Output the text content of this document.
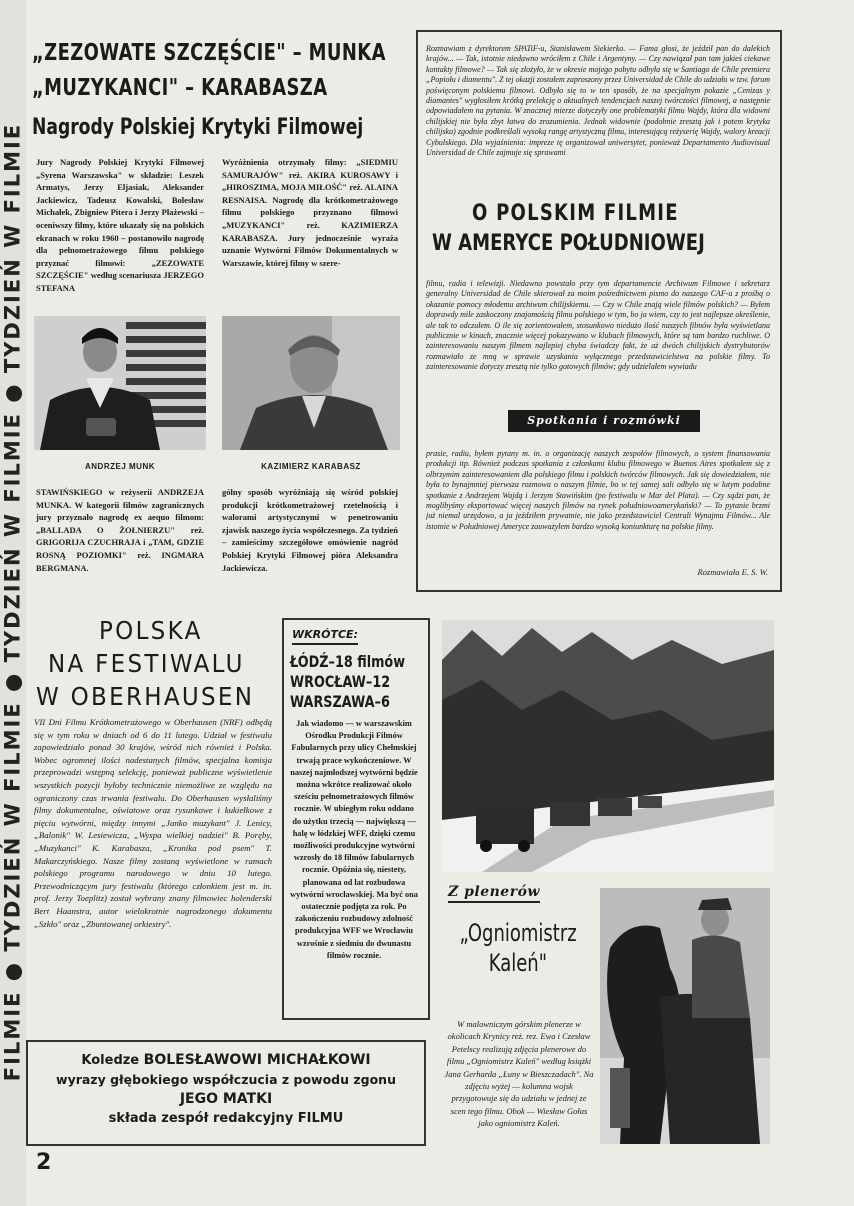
FILMIE ● TYDZIEŃ W FILMIE ● TYDZIEŃ W FILMIE ● TYDZIEŃ W FILMIE
„ZEZOWATE SZCZĘŚCIE" – MUNKA
„MUZYKANCI" – KARABASZA
Nagrody Polskiej Krytyki Filmowej
Jury Nagrody Polskiej Krytyki Filmowej „Syrena Warszawska" w składzie: Leszek Armatys, Jerzy Eljasiak, Aleksander Jackiewicz, Tadeusz Kowalski, Bolesław Michałek, Zbigniew Pitera i Jerzy Płażewski – oceniwszy filmy, które ukazały się na polskich ekranach w roku 1960 – postanowiło nagrodę dla pełnometrażowego filmu polskiego przyznać filmowi: „ZEZOWATE SZCZĘŚCIE" według scenariusza JERZEGO STEFANA
Wyróżnienia otrzymały filmy: „SIEDMIU SAMURAJÓW" reż. AKIRA KUROSAWY i „HIROSZIMA, MOJA MIŁOŚĆ" reż. ALAINA RESNAISA. Nagrodę dla krótkometrażowego filmu polskiego przyznano filmowi „MUZYKANCI" reż. KAZIMIERZA KARABASZA. Jury jednocześnie wyraża uznanie Wytwórni Filmów Dokumentalnych w Warszawie, której filmy w szere-
ANDRZEJ MUNK	KAZIMIERZ KARABASZ
STAWIŃSKIEGO w reżyserii ANDRZEJA MUNKA. W kategorii filmów zagranicznych jury przyznało nagrodę ex aequo filmom: „BALLADA O ŻOŁNIERZU" reż. GRIGORIJA CZUCHRAJA i „TAM, GDZIE ROSNĄ POZIOMKI" reż. INGMARA BERGMANA.
gólny sposób wyróżniają się wśród polskiej produkcji krótkometrażowej rzetelnością i walorami artystycznymi w penetrowaniu zjawisk naszego życia współczesnego. Za tydzień – zamieścimy szczegółowe omówienie nagród Polskiej Krytyki Filmowej pióra Aleksandra Jackiewicza.
Rozmawiam z dyrektorem SPATiF-u, Stanisławem Siekierko. — Fama głosi, że jeździł pan do dalekich krajów... — Tak, istotnie niedawno wróciłem z Chile i Argentyny. — Czy nawiązał pan tam jakieś ciekawe kontakty filmowe? — Tak się złożyło, że w okresie mojego pobytu odbyła się w Santiago de Chile premiera „Popiołu i diamentu". Z tej okazji zostałem zaproszony przez Universidad de Chile do udziału w tzw. forum poświęconym polskiemu filmowi. Odbyło się to w ten sposób, że na specjalnym pokazie „Cenizas y diamantes" wygłosiłem krótką prelekcję o aktualnych tendencjach naszej twórczości filmowej, a następnie odpowiadałem na pytania. W znacznej mierze dotyczyły one problematyki filmu Wajdy, która dla widowni chilijskiej nie była zbyt łatwa do zrozumienia. Jednak widownie (podobnie zresztą jak i potem krytyka chilijska) zgodnie podkreślali wysoką rangę artystyczną filmu, interesującą reżyserię Wajdy, walory kreacji Cybulskiego. Dla wyjaśnienia: impreze tę organizował uniwersytet, ponieważ Departamento Audiovisual Universidad de Chile zajmuje się sprawami
O POLSKIM FILMIE
W AMERYCE POŁUDNIOWEJ
filmu, radia i telewizji. Niedawno powstało przy tym departamencie Archiwum Filmowe i sekretarz generalny Universidad de Chile skierował za moim pośrednictwem pismo do naszego CAF-u z prośbą o okazanie pomocy młodemu archiwum chilijskiemu. — Czy w Chile znają wiele filmów polskich? — Byłem doprawdy mile zaskoczony znajomością filmu polskiego w tym, bo ja wiem, czy to jest najlepsze określenie, ale tak to odczułem. O ile się zorientowałem, stosunkowo niedużo ilość naszych filmów była wyświetlana publicznie w kinach, znacznie więcej pokazywano w klubach filmowych, które są tam bardzo ruchliwe. O zainteresowaniu naszym filmem najlepiej chyba świadczy fakt, że aż dwóch chilijskich dystrybutorów rozmawiało ze mną w sprawie uzyskania wyłącznego przedstawicielstwa na polskie filmy. To zainteresowanie dotyczy zresztą nie tylko gotowych filmów; gdy udzielałem wywiadu
Spotkania i rozmówki
prasie, radiu, byłem pytany m. in. o organizację naszych zespołów filmowych, o system finansowania produkcji itp. Również podczas spotkania z członkami klubu filmowego w Buenos Aires spotkałem się z olbrzymim zainteresowaniem dla polskiego filmu i polskich twórców filmowych. Jak się dowiedziałem, nie była to bynajmniej pierwsza rozmowa o naszym filmie, bo w tej samej sali odbyło się w lutym podobne spotkanie z Andrzejem Wajdą i Jerzym Stawińskim (po festiwalu w Mar del Plata). — Czy sądzi pan, że moglibyśmy eksportować więcej naszych filmów na rynek południowoamerykański? — To pytanie brzmi już niemal urzędowo, a ja jeździłem prywatnie, nie jako przedstawiciel Centrali Wynajmu Filmów... Ale istotnie w Południowej Ameryce zauważyłem bardzo wysoką koniunkturę na polskie filmy.
Rozmawiała E. S. W.
POLSKA
NA FESTIWALU
W OBERHAUSEN
VII Dni Filmu Krótkometrażowego w Oberhausen (NRF) odbędą się w tym roku w dniach od 6 do 11 lutego. Udział w festiwalu zapowiedziało ponad 30 krajów, wśród nich również i Polska. Wobec ogromnej ilości nadestanych filmów, specjalna komisja przeprowadzi wstępną selekcję, ponieważ publiczne wyświetlenie wszystkich pozycji byłoby technicznie niemożliwe ze względu na ograniczony czas trwania festiwalu. Do Oberhausen wysłaliśmy filmy dokumentalne, oświatowe oraz rysunkowe i kukiełkowe z pięciu wytwórni, między innymi „Janko muzykant" J. Lenicy, „Balonik" W. Lesiewicza, „Wyspa wielkiej nadziei" B. Poręby, „Muzykanci" K. Karabasza, „Kronika pod psem" T. Makarczyńskiego. Nasze filmy zostaną wyświetlone w ramach polskiego programu narodowego w dniu 10 lutego. Przewodniczącym jury festiwalu (którego członkiem jest m. in. prof. Jerzy Toeplitz) został wybrany znany filmowiec holenderski Bert Haanstra, autor wielokrotnie nagrodzonego dokumentu „Szkło" oraz „Zbuntowanej orkiestry".
WKRÓTCE:
ŁÓDŹ–18 filmów
WROCŁAW–12
WARSZAWA–6
Jak wiadomo — w warszawskim Ośrodku Produkcji Filmów Fabularnych przy ulicy Chełmskiej trwają prace wykończeniowe. W naszej najmłodszej wytwórni będzie można wkrótce realizować około sześciu pełnometrażowych filmów rocznie. W ubiegłym roku oddano do użytku trzecią — największą — halę w łódzkiej WFF, dzięki czemu możliwości produkcyjne wytwórni wzrosły do 18 filmów fabularnych rocznie. Opóźnia się, niestety, planowana od lat rozbudowa wytwórni wrocławskiej. Ma być ona ostatecznie podjęta za rok. Po zakończeniu rozbudowy zdolność produkcyjna WFF we Wrocławiu wzrośnie z siedmiu do dwunastu filmów rocznie.
Z plenerów
„Ogniomistrz
Kaleń"
W malowniczym górskim plenerze w okolicach Krynicy reż. rez. Ewa i Czesław Petelscy realizują zdjęcia plenerowe do filmu „Ogniomistrz Kaleń" według książki Jana Gerharda „Łuny w Bieszczadach". Na zdjęciu wyżej — kolumna wojsk przygotowuje się do udziału w jednej ze scen tego filmu. Obok — Wiesław Gołas jako ogniomistrz Kaleń.
Koledze BOLESŁAWOWI MICHAŁKOWI
wyrazy głębokiego współczucia z powodu zgonu
JEGO MATKI
składa zespół redakcyjny FILMU
2
